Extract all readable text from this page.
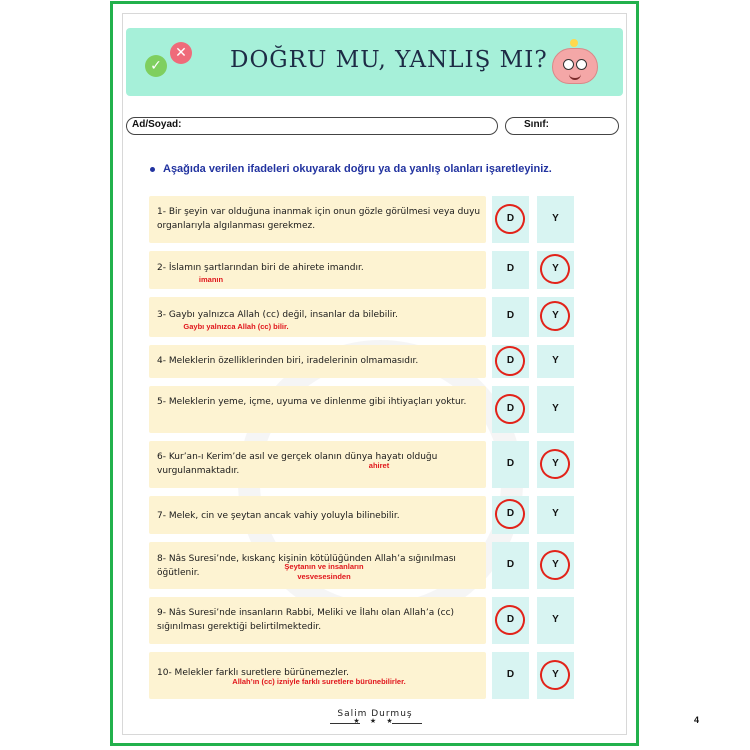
✓
✕ DOĞRU MU, YANLIŞ MI?
Ad/Soyad:	Sınıf:
Aşağıda verilen ifadeleri okuyarak doğru ya da yanlış olanları işaretleyiniz.
1- Bir şeyin var olduğuna inanmak için onun gözle görülmesi veya duyu organlarıyla algılanması gerekmez.
D	Y
2- İslamın şartlarından biri de ahirete imandır.
imanın
D	Y
3- Gaybı yalnızca Allah (cc) değil, insanlar da bilebilir.
Gaybı yalnızca Allah (cc) bilir.
D	Y
4- Meleklerin özelliklerinden biri, iradelerinin olmamasıdır.	D	Y
5- Meleklerin yeme, içme, uyuma ve dinlenme gibi ihtiyaçları yoktur.
D	Y
6- Kur’an-ı Kerim’de asıl ve gerçek olanın dünya hayatı olduğu vurgulanmaktadır.
ahiret	D	Y
7- Melek, cin ve şeytan ancak vahiy yoluyla bilinebilir.	D	Y
8- Nâs Suresi’nde, kıskanç kişinin kötülüğünden Allah’a sığınılması öğütlenir.
Şeytanın ve insanların vesvesesinden
D	Y
9- Nâs Suresi’nde insanların Rabbi, Meliki ve İlahı olan Allah’a (cc) sığınılması gerektiği belirtilmektedir.
D	Y
10- Melekler farklı suretlere bürünemezler.
Allah’ın (cc) izniyle farklı suretlere bürünebilirler.
D	Y
Salim Durmuş
★ ★ ★	4
